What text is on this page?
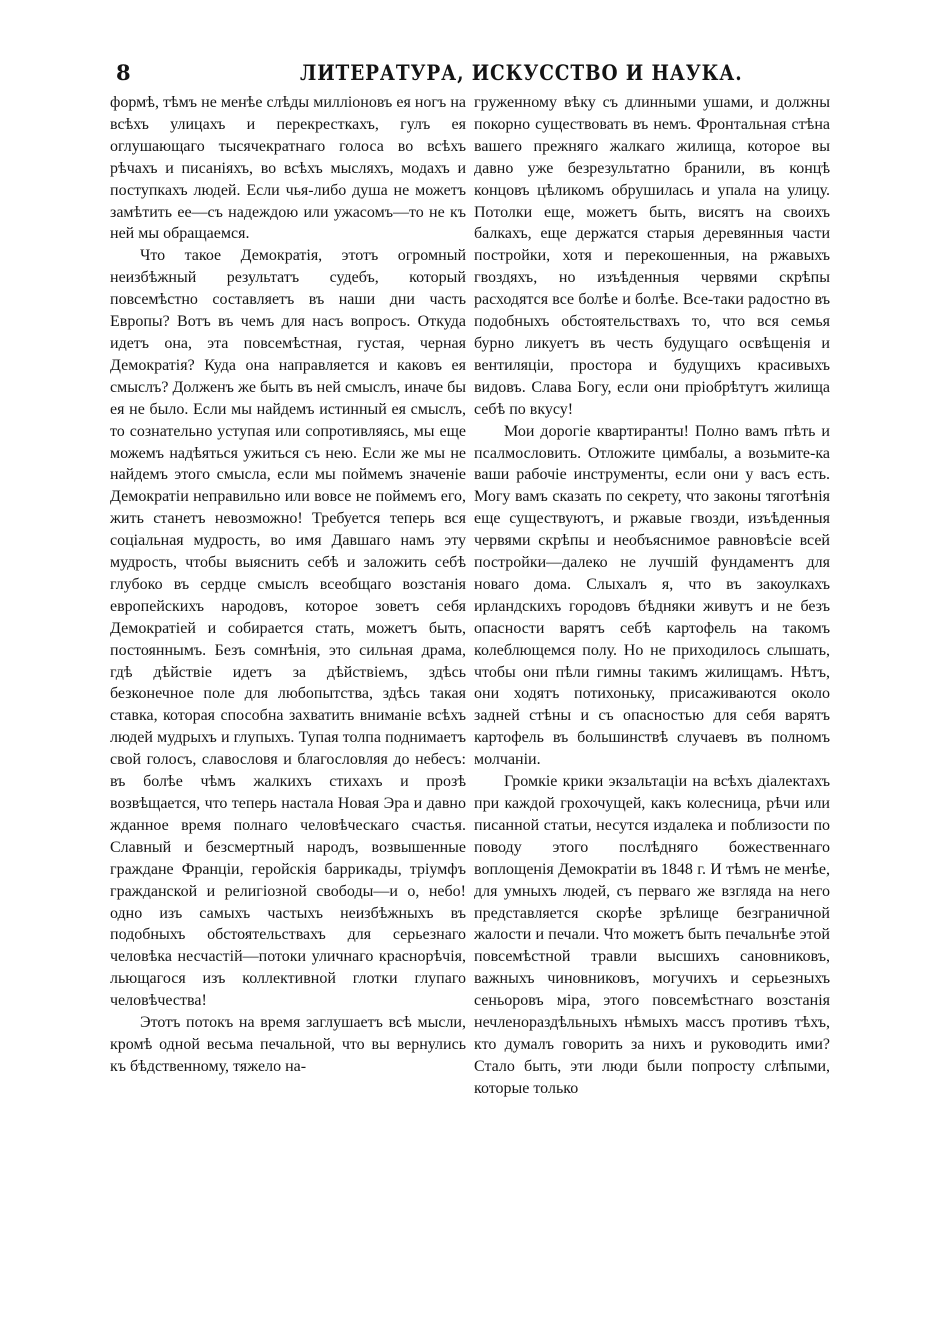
8	ЛИТЕРАТУРА, ИСКУССТВО И НАУКА.

формѣ, тѣмъ не менѣе слѣды милліоновъ ея ногъ на всѣхъ улицахъ и перекресткахъ, гулъ ея оглушающаго тысячекратнаго голоса во всѣхъ рѣчахъ и писаніяхъ, во всѣхъ мысляхъ, модахъ и поступкахъ людей. Если чья-либо душа не можетъ замѣтить ее—съ надеждою или ужасомъ—то не къ ней мы обращаемся.

Что такое Демократія, этотъ огромный неизбѣжный результатъ судебъ, который повсемѣстно составляетъ въ наши дни часть Европы? Вотъ въ чемъ для насъ вопросъ. Откуда идетъ она, эта повсемѣстная, густая, черная Демократія? Куда она направляется и каковъ ея смыслъ? Долженъ же быть въ ней смыслъ, иначе бы ея не было. Если мы найдемъ истинный ея смыслъ, то сознательно уступая или сопротивляясь, мы еще можемъ надѣяться ужиться съ нею. Если же мы не найдемъ этого смысла, если мы поймемъ значеніе Демократіи неправильно или вовсе не поймемъ его, жить станетъ невозможно! Требуется теперь вся соціальная мудрость, во имя Давшаго намъ эту мудрость, чтобы выяснить себѣ и заложить себѣ глубоко въ сердце смыслъ всеобщаго возстанія европейскихъ народовъ, которое зоветъ себя Демократіей и собирается стать, можетъ быть, постояннымъ. Безъ сомнѣнія, это сильная драма, гдѣ дѣйствіе идетъ за дѣйствіемъ, здѣсь безконечное поле для любопытства, здѣсь такая ставка, которая способна захватить вниманіе всѣхъ людей мудрыхъ и глупыхъ. Тупая толпа поднимаетъ свой голосъ, славословя и благословляя до небесъ: въ болѣе чѣмъ жалкихъ стихахъ и прозѣ возвѣщается, что теперь настала Новая Эра и давно жданное время полнаго человѣческаго счастья. Славный и безсмертный народъ, возвышенные граждане Франціи, геройскія баррикады, тріумфъ гражданской и религіозной свободы—и о, небо! одно изъ самыхъ частыхъ неизбѣжныхъ въ подобныхъ обстоятельствахъ для серьезнаго человѣка несчастій—потоки уличнаго краснорѣчія, льющагося изъ коллективной глотки глупаго человѣчества!

Этотъ потокъ на время заглушаетъ всѣ мысли, кромѣ одной весьма печальной, что вы вернулись къ бѣдственному, тяжело на-

груженному вѣку съ длинными ушами, и должны покорно существовать въ немъ. Фронтальная стѣна вашего прежняго жалкаго жилища, которое вы давно уже безрезультатно бранили, въ концѣ концовъ цѣликомъ обрушилась и упала на улицу. Потолки еще, можетъ быть, висятъ на своихъ балкахъ, еще держатся старыя деревянныя части постройки, хотя и перекошенныя, на ржавыхъ гвоздяхъ, но изъѣденныя червями скрѣпы расходятся все болѣе и болѣе. Все-таки радостно въ подобныхъ обстоятельствахъ то, что вся семья бурно ликуетъ въ честь будущаго освѣщенія и вентиляціи, простора и будущихъ красивыхъ видовъ. Слава Богу, если они пріобрѣтутъ жилища себѣ по вкусу!

Мои дорогіе квартиранты! Полно вамъ пѣть и псалмословить. Отложите цимбалы, а возьмите-ка ваши рабочіе инструменты, если они у васъ есть. Могу вамъ сказать по секрету, что законы тяготѣнія еще существуютъ, и ржавые гвозди, изъѣденныя червями скрѣпы и необъяснимое равновѣсіе всей постройки—далеко не лучшій фундаментъ для новаго дома. Слыхалъ я, что въ закоулкахъ ирландскихъ городовъ бѣдняки живутъ и не безъ опасности варятъ себѣ картофель на такомъ колеблющемся полу. Но не приходилось слышать, чтобы они пѣли гимны такимъ жилищамъ. Нѣтъ, они ходятъ потихоньку, присаживаются около задней стѣны и съ опасностью для себя варятъ картофель въ большинствѣ случаевъ въ полномъ молчаніи.

Громкіе крики экзальтаціи на всѣхъ діалектахъ при каждой грохочущей, какъ колесница, рѣчи или писанной статьи, несутся издалека и поблизости по поводу этого послѣдняго божественнаго воплощенія Демократіи въ 1848 г. И тѣмъ не менѣе, для умныхъ людей, съ перваго же взгляда на него представляется скорѣе зрѣлище безграничной жалости и печали. Что можетъ быть печальнѣе этой повсемѣстной травли высшихъ сановниковъ, важныхъ чиновниковъ, могучихъ и серьезныхъ сеньоровъ міра, этого повсемѣстнаго возстанія нечленораздѣльныхъ нѣмыхъ массъ противъ тѣхъ, кто думалъ говорить за нихъ и руководить ими? Стало быть, эти люди были попросту слѣпыми, которые только
